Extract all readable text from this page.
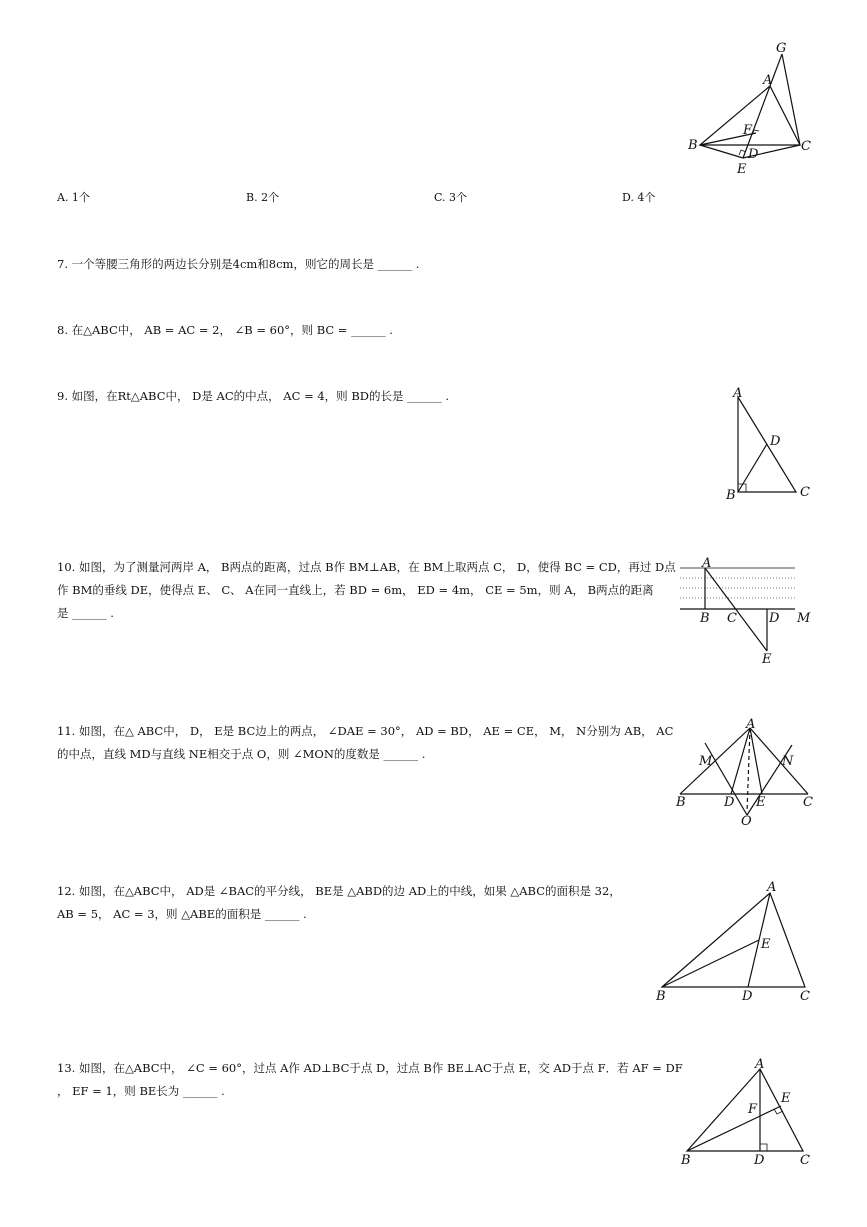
G
A
F
B
D
C
E
A. 1个	B. 2个	C. 3个	D. 4个
7. 一个等腰三角形的两边长分别是4cm和8cm，则它的周长是 ______ .
8. 在△ABC中， AB = AC = 2， ∠B = 60°，则 BC = ______ .
9. 如图，在Rt△ABC中， D是 AC的中点， AC = 4，则 BD的长是 ______ .	A
D
B	C
10. 如图，为了测量河两岸 A， B两点的距离，过点 B作 BM⊥AB，在 BM上取两点 C， D，使得 BC = CD，再过 D点
作 BM的垂线 DE，使得点 E、 C、 A在同一直线上，若 BD = 6m， ED = 4m， CE = 5m，则 A， B两点的距离
是 ______ .
A
B C D M
E
11. 如图，在△ ABC中， D， E是 BC边上的两点， ∠DAE = 30°， AD = BD， AE = CE， M， N分别为 AB， AC
的中点，直线 MD与直线 NE相交于点 O，则 ∠MON的度数是 ______ .
A
M	N
B	D E	C
O
12. 如图，在△ABC中， AD是 ∠BAC的平分线， BE是 △ABD的边 AD上的中线，如果 △ABC的面积是 32，
AB = 5， AC = 3，则 △ABE的面积是 ______ .
A
E
B	D	C
13. 如图，在△ABC中， ∠C = 60°，过点 A作 AD⊥BC于点 D，过点 B作 BE⊥AC于点 E，交 AD于点 F．若 AF = DF
， EF = 1，则 BE长为 ______ .
A
E
F
B	D	C
